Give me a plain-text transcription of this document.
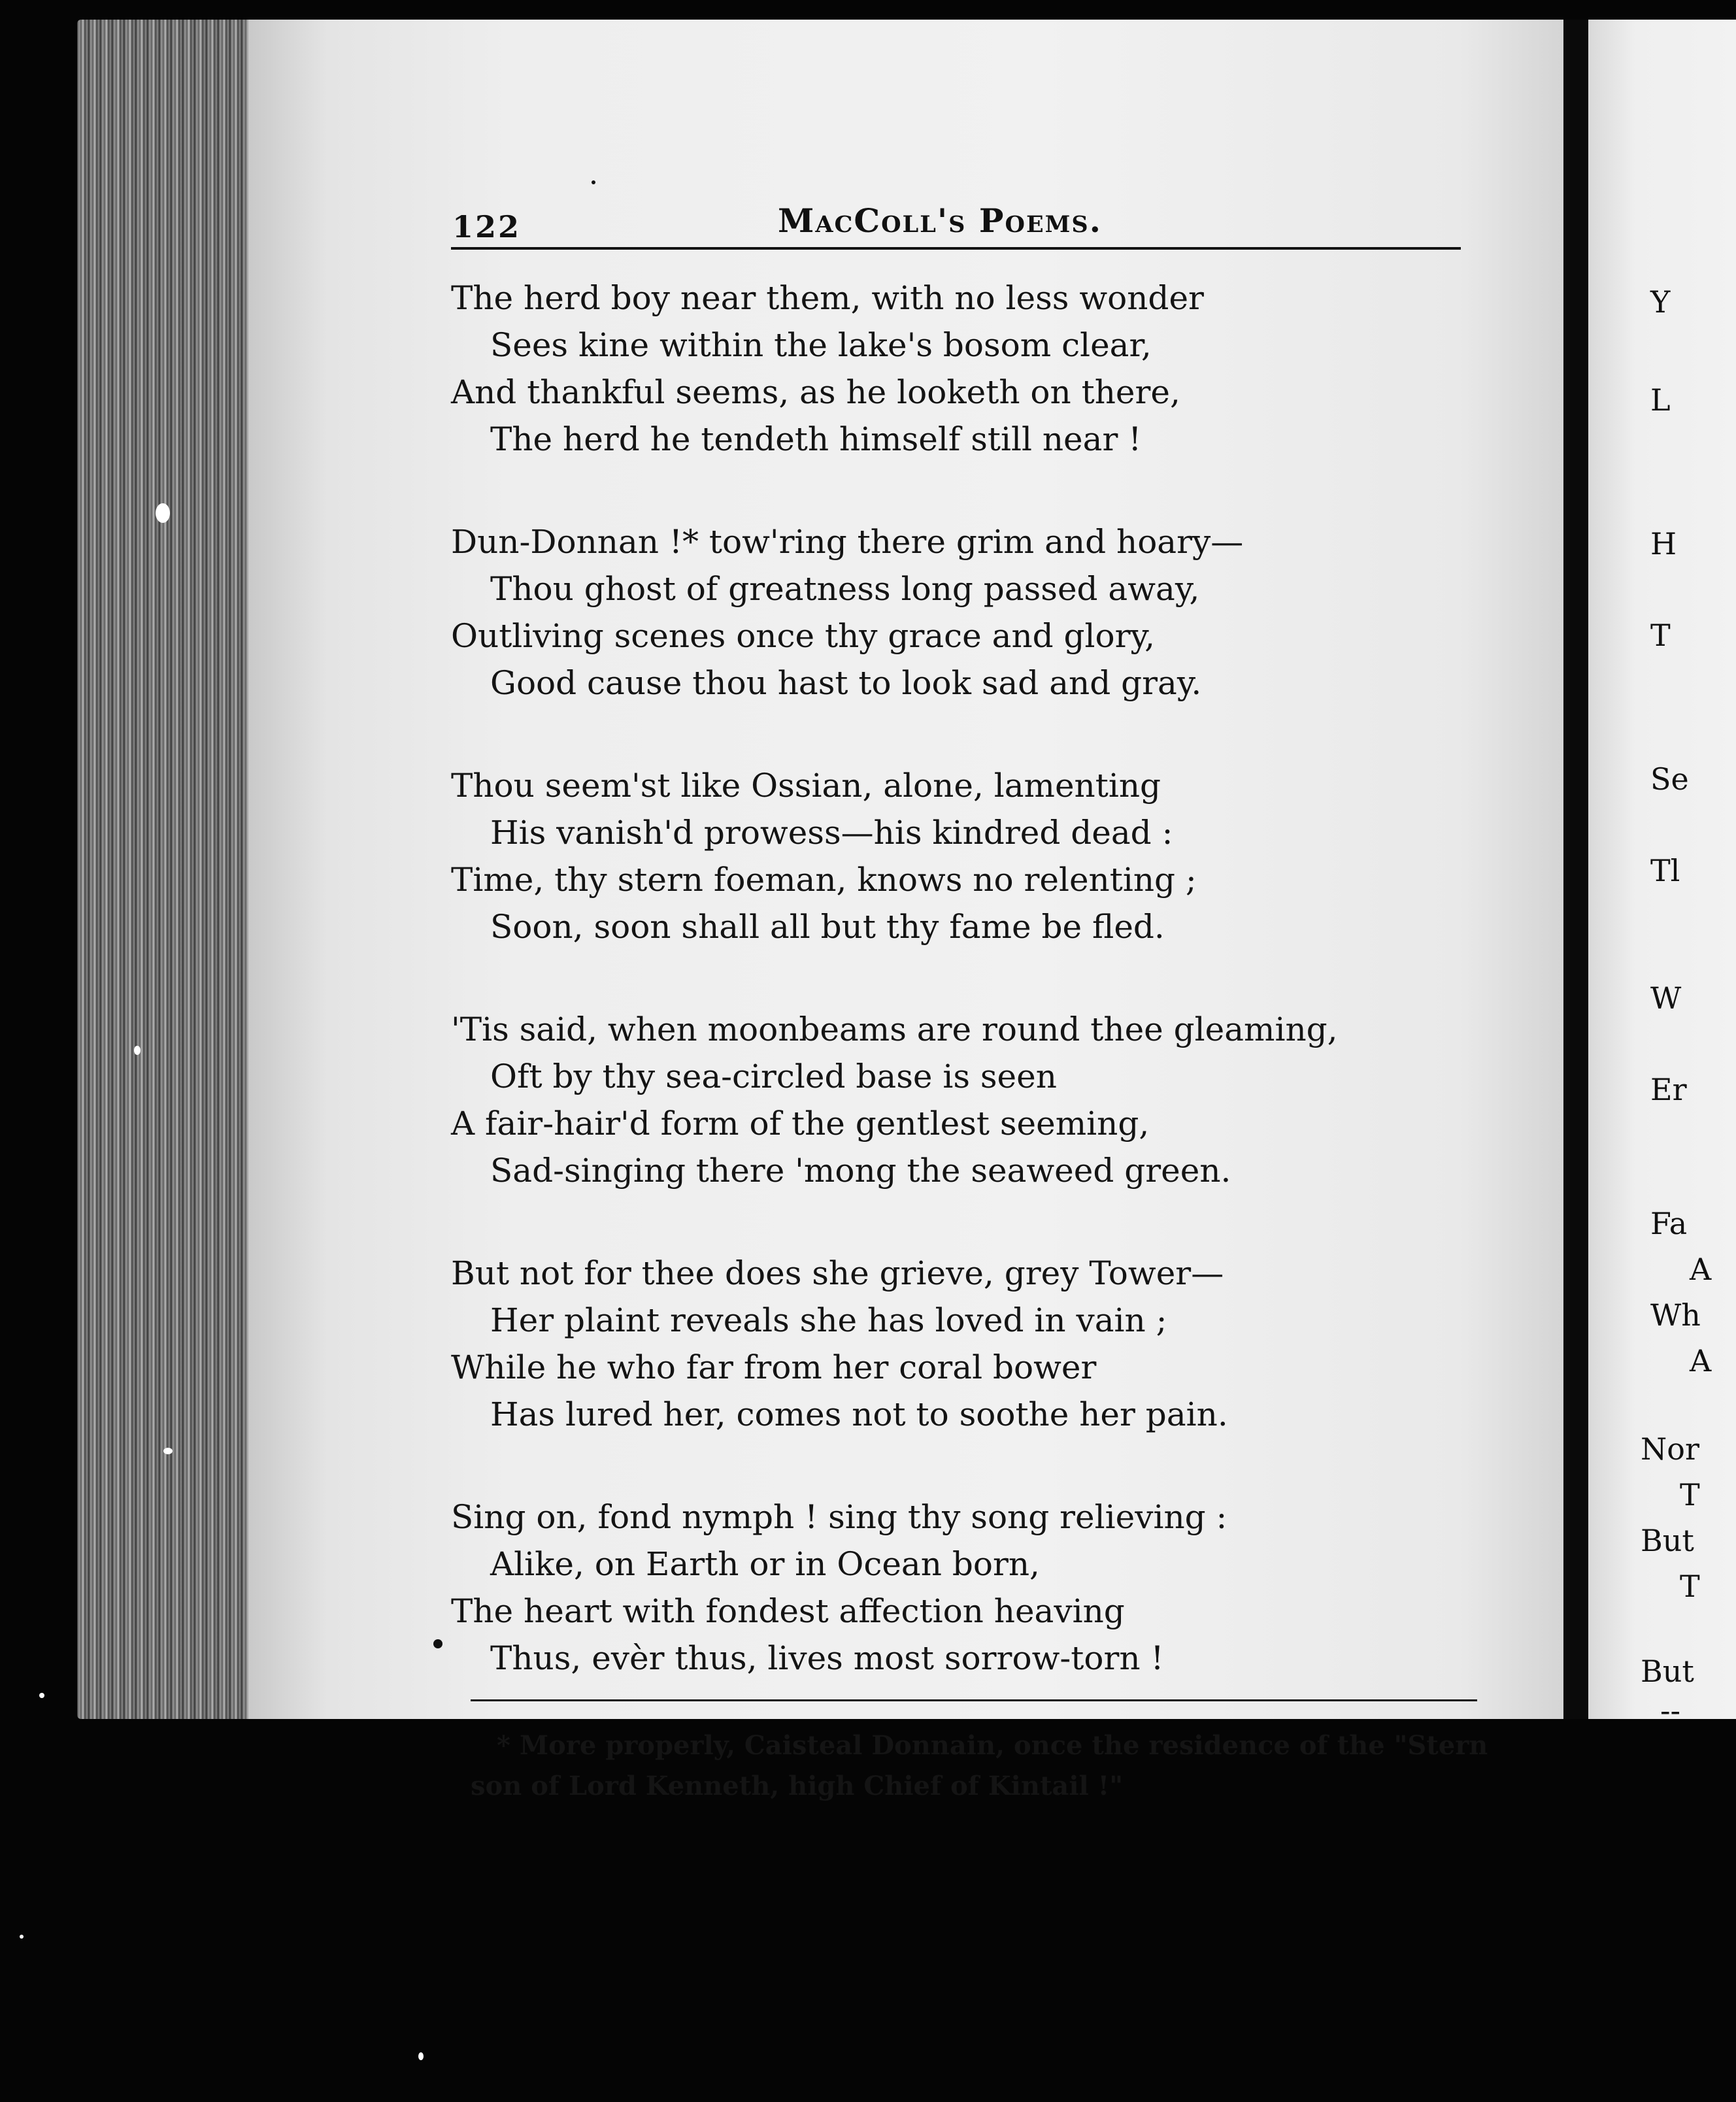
Y
L
H
T
Se
Tl
W
Er
Fa
A
Wh
A
Nor
T
But
T
But
--
122	MacColl's Poems.
The herd boy near them, with no less wonder
Sees kine within the lake's bosom clear,
And thankful seems, as he looketh on there,
The herd he tendeth himself still near !
Dun-Donnan !* tow'ring there grim and hoary—
Thou ghost of greatness long passed away,
Outliving scenes once thy grace and glory,
Good cause thou hast to look sad and gray.
Thou seem'st like Ossian, alone, lamenting
His vanish'd prowess—his kindred dead :
Time, thy stern foeman, knows no relenting ;
Soon, soon shall all but thy fame be fled.
'Tis said, when moonbeams are round thee gleaming,
Oft by thy sea-circled base is seen
A fair-hair'd form of the gentlest seeming,
Sad-singing there 'mong the seaweed green.
But not for thee does she grieve, grey Tower—
Her plaint reveals she has loved in vain ;
While he who far from her coral bower
Has lured her, comes not to soothe her pain.
Sing on, fond nymph ! sing thy song relieving :
Alike, on Earth or in Ocean born,
The heart with fondest affection heaving
Thus, evèr thus, lives most sorrow-torn !
* More properly, Caisteal Donnain, once the residence of the "Stern
son of Lord Kenneth, high Chief of Kintail !"
